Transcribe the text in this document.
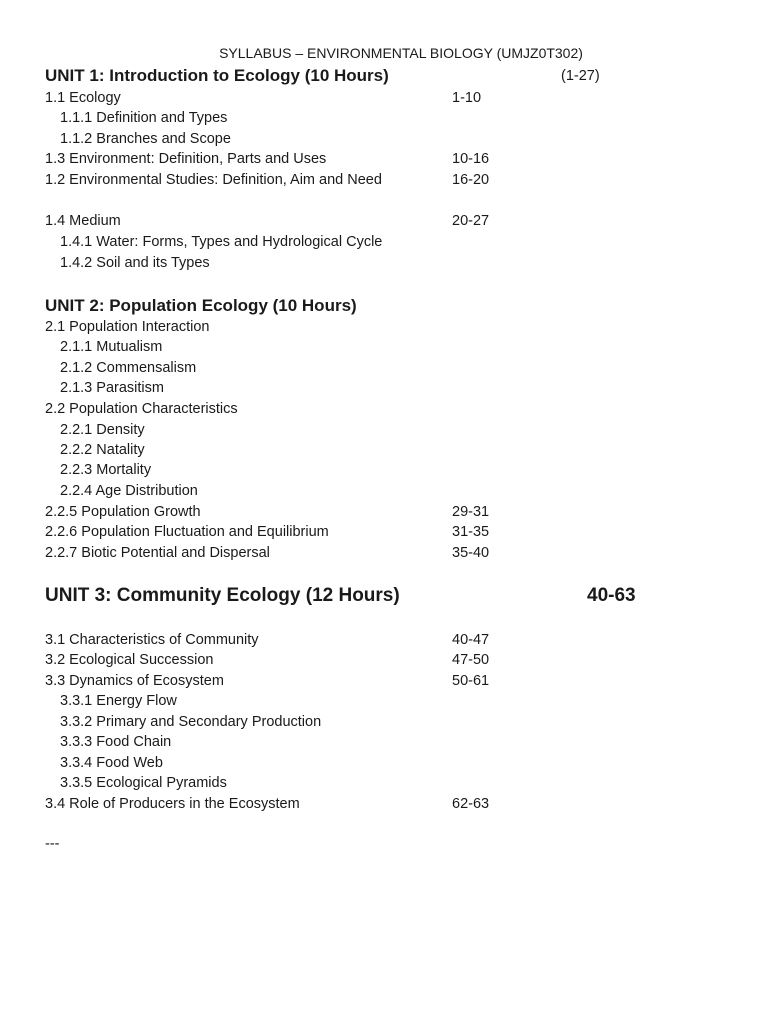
SYLLABUS – ENVIRONMENTAL BIOLOGY (UMJZ0T302)
UNIT 1: Introduction to Ecology (10 Hours)	(1-27)
1.1 Ecology	1-10
1.1.1 Definition and Types
1.1.2 Branches and Scope
1.3 Environment: Definition, Parts and Uses	10-16
1.2 Environmental Studies: Definition, Aim and Need	16-20
1.4 Medium	20-27
1.4.1 Water: Forms, Types and Hydrological Cycle
1.4.2 Soil and its Types
UNIT 2: Population Ecology (10 Hours)
2.1 Population Interaction
2.1.1 Mutualism
2.1.2 Commensalism
2.1.3 Parasitism
2.2 Population Characteristics
2.2.1 Density
2.2.2 Natality
2.2.3 Mortality
2.2.4 Age Distribution
2.2.5 Population Growth	29-31
2.2.6 Population Fluctuation and Equilibrium	31-35
2.2.7 Biotic Potential and Dispersal	35-40
UNIT 3: Community Ecology (12 Hours)	40-63
3.1 Characteristics of Community	40-47
3.2 Ecological Succession	47-50
3.3 Dynamics of Ecosystem	50-61
3.3.1 Energy Flow
3.3.2 Primary and Secondary Production
3.3.3 Food Chain
3.3.4 Food Web
3.3.5 Ecological Pyramids
3.4 Role of Producers in the Ecosystem	62-63
---
